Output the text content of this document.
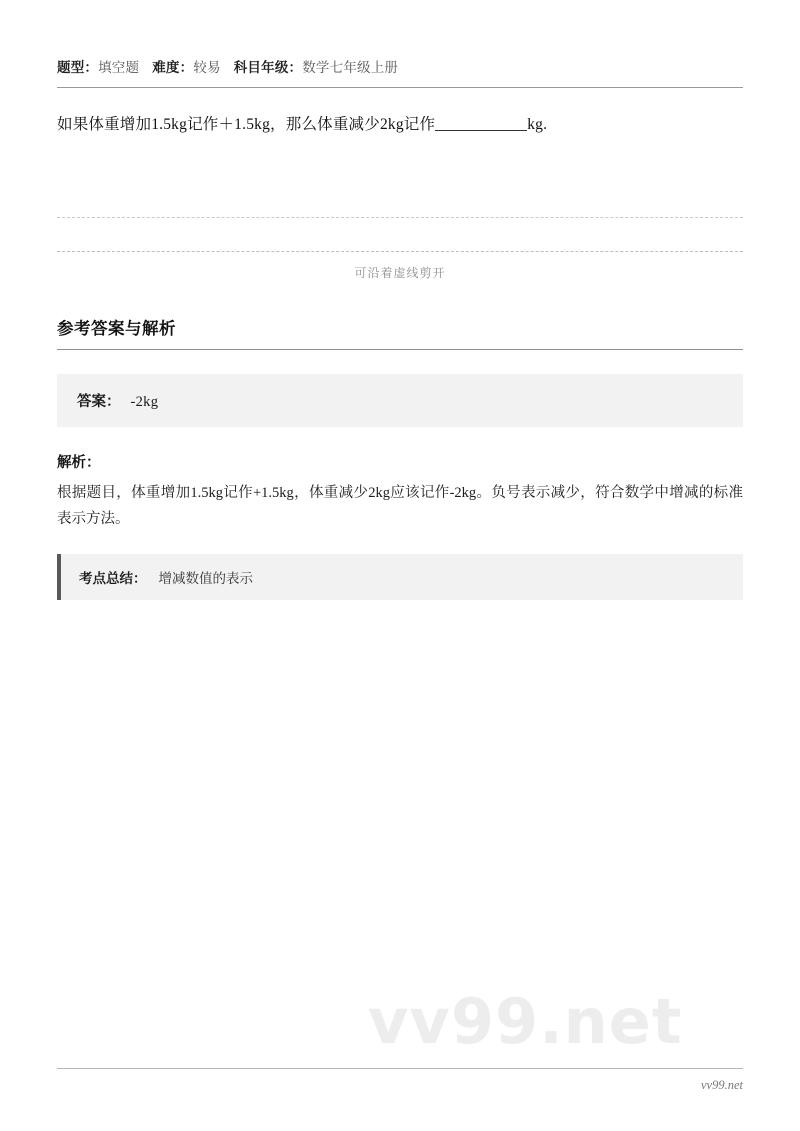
题型：填空题 难度：较易 科目年级：数学七年级上册
如果体重增加1.5kg记作＋1.5kg，那么体重减少2kg记作	kg.
可沿着虚线剪开
参考答案与解析
答案： -2kg
解析：
根据题目，体重增加1.5kg记作+1.5kg，体重减少2kg应该记作-2kg。负号表示减少，符合数学中增减的标准表示方法。
考点总结： 增减数值的表示
vv99.net
vv99.net
